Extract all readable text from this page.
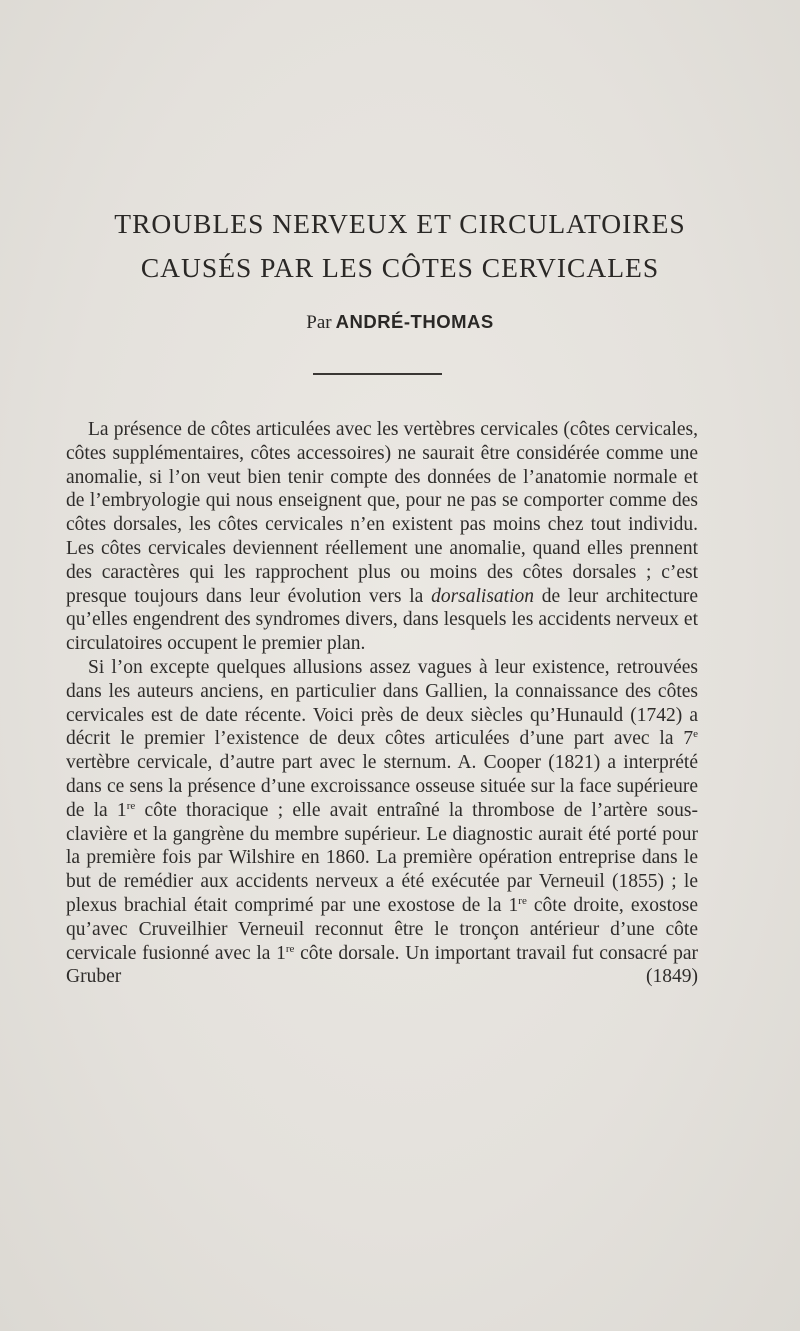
TROUBLES NERVEUX ET CIRCULATOIRES
CAUSÉS PAR LES CÔTES CERVICALES
Par ANDRÉ-THOMAS

La présence de côtes articulées avec les vertèbres cervicales (côtes cervicales, côtes supplémentaires, côtes accessoires) ne saurait être considérée comme une anomalie, si l’on veut bien tenir compte des données de l’anatomie normale et de l’embryologie qui nous enseignent que, pour ne pas se comporter comme des côtes dorsales, les côtes cervicales n’en existent pas moins chez tout individu. Les côtes cervicales deviennent réellement une anomalie, quand elles prennent des caractères qui les rapprochent plus ou moins des côtes dorsales ; c’est presque toujours dans leur évolution vers la dorsalisation de leur architecture qu’elles engendrent des syndromes divers, dans lesquels les accidents nerveux et circulatoires occupent le premier plan.

Si l’on excepte quelques allusions assez vagues à leur existence, retrouvées dans les auteurs anciens, en particulier dans Gallien, la connaissance des côtes cervicales est de date récente. Voici près de deux siècles qu’Hunauld (1742) a décrit le premier l’existence de deux côtes articulées d’une part avec la 7e vertèbre cervicale, d’autre part avec le sternum. A. Cooper (1821) a interprété dans ce sens la présence d’une excroissance osseuse située sur la face supérieure de la 1re côte thoracique ; elle avait entraîné la thrombose de l’artère sous-clavière et la gangrène du membre supérieur. Le diagnostic aurait été porté pour la première fois par Wilshire en 1860. La première opération entreprise dans le but de remédier aux accidents nerveux a été exécutée par Verneuil (1855) ; le plexus brachial était comprimé par une exostose de la 1re côte droite, exostose qu’avec Cruveilhier Verneuil reconnut être le tronçon antérieur d’une côte cervicale fusionné avec la 1re côte dorsale. Un important travail fut consacré par Gruber (1849)
